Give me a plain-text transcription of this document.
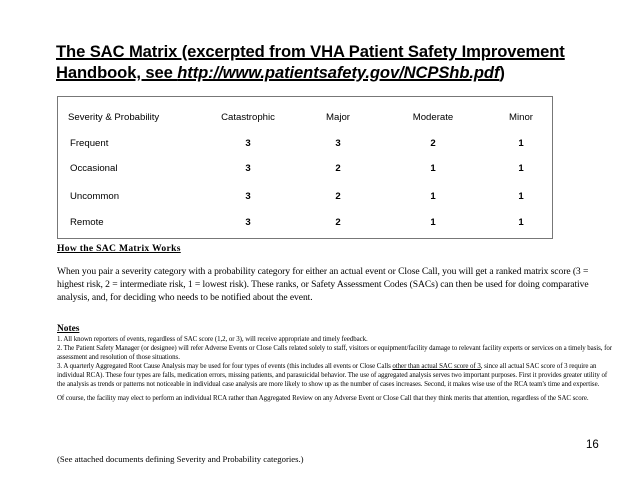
The SAC Matrix (excerpted from VHA Patient Safety Improvement
Handbook, see http://www.patientsafety.gov/NCPShb.pdf)
Severity & Probability	Catastrophic	Major	Moderate	Minor
Frequent	3	3	2	1
Occasional	3	2	1	1
Uncommon	3	2	1	1
Remote	3	2	1	1
How the SAC Matrix Works
When you pair a severity category with a probability category for either an actual event or Close Call, you will get a ranked matrix score (3 = highest risk, 2 = intermediate risk, 1 = lowest risk). These ranks, or Safety Assessment Codes (SACs) can then be used for doing comparative analysis, and, for deciding who needs to be notified about the event.
Notes
1. All known reporters of events, regardless of SAC score (1,2, or 3), will receive appropriate and timely feedback.
2. The Patient Safety Manager (or designee) will refer Adverse Events or Close Calls related solely to staff, visitors or equipment/facility damage to relevant facility experts or services on a timely basis, for assessment and resolution of those situations.
3. A quarterly Aggregated Root Cause Analysis may be used for four types of events (this includes all events or Close Calls other than actual SAC score of 3, since all actual SAC score of 3 require an individual RCA). These four types are falls, medication errors, missing patients, and parasuicidal behavior. The use of aggregated analysis serves two important purposes. First it provides greater utility of the analysis as trends or patterns not noticeable in individual case analysis are more likely to show up as the number of cases increases. Second, it makes wise use of the RCA team's time and expertise.
Of course, the facility may elect to perform an individual RCA rather than Aggregated Review on any Adverse Event or Close Call that they think merits that attention, regardless of the SAC score.
16
(See attached documents defining Severity and Probability categories.)
